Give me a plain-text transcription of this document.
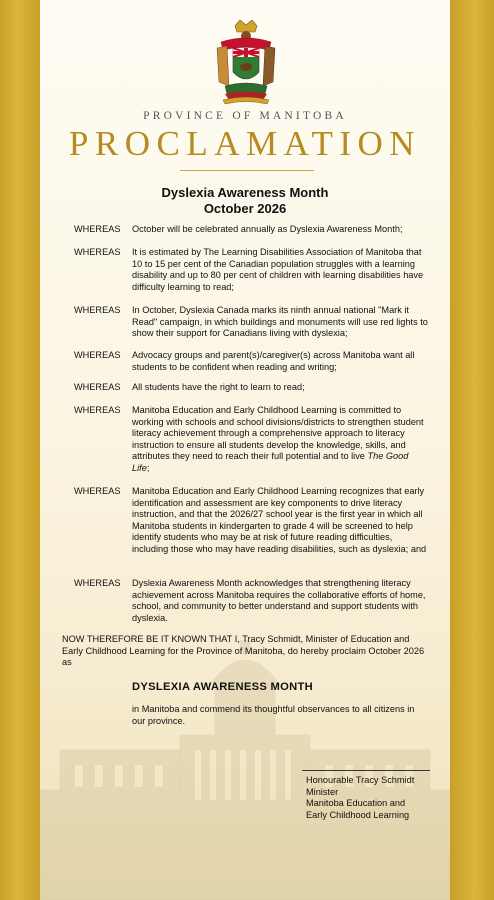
PROVINCE OF MANITOBA
PROCLAMATION
Dyslexia Awareness Month
October 2026
WHEREAS October will be celebrated annually as Dyslexia Awareness Month;
WHEREAS It is estimated by The Learning Disabilities Association of Manitoba that 10 to 15 per cent of the Canadian population struggles with a learning disability and up to 80 per cent of children with learning disabilities have difficulty learning to read;
WHEREAS In October, Dyslexia Canada marks its ninth annual national "Mark it Read" campaign, in which buildings and monuments will use red lights to show their support for Canadians living with dyslexia;
WHEREAS Advocacy groups and parent(s)/caregiver(s) across Manitoba want all students to be confident when reading and writing;
WHEREAS All students have the right to learn to read;
WHEREAS Manitoba Education and Early Childhood Learning is committed to working with schools and school divisions/districts to strengthen student literacy achievement through a comprehensive approach to literacy instruction to ensure all students develop the knowledge, skills, and attributes they need to reach their full potential and to live The Good Life;
WHEREAS Manitoba Education and Early Childhood Learning recognizes that early identification and assessment are key components to drive literacy instruction, and that the 2026/27 school year is the first year in which all Manitoba students in kindergarten to grade 4 will be screened to help identify students who may be at risk of future reading difficulties, including those who may have reading disabilities, such as dyslexia; and
WHEREAS Dyslexia Awareness Month acknowledges that strengthening literacy achievement across Manitoba requires the collaborative efforts of home, school, and community to better understand and support students with dyslexia.
NOW THEREFORE BE IT KNOWN THAT I, Tracy Schmidt, Minister of Education and Early Childhood Learning for the Province of Manitoba, do hereby proclaim October 2026 as
DYSLEXIA AWARENESS MONTH
in Manitoba and commend its thoughtful observances to all citizens in our province.
Honourable Tracy Schmidt
Minister
Manitoba Education and
Early Childhood Learning
